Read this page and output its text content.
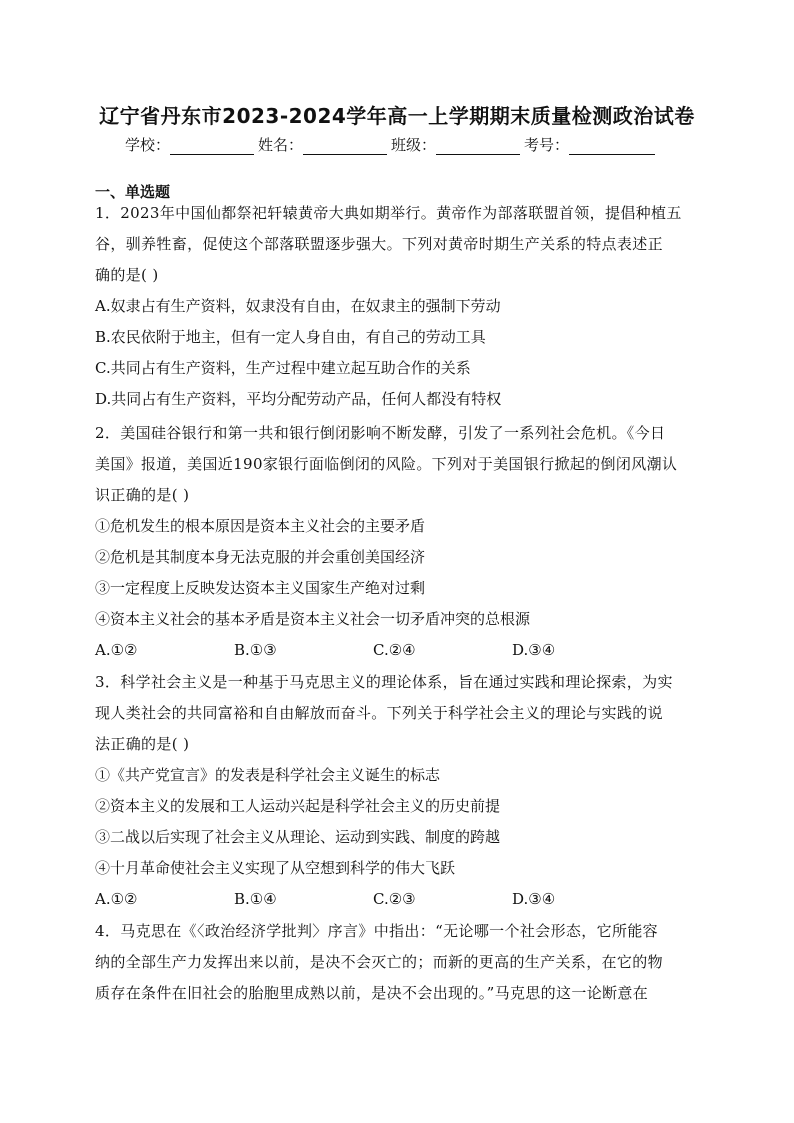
辽宁省丹东市2023-2024学年高一上学期期末质量检测政治试卷
学校：	姓名：	班级：	考号：
一、单选题
1．2023年中国仙都祭祀轩辕黄帝大典如期举行。黄帝作为部落联盟首领，提倡种植五
谷，驯养牲畜，促使这个部落联盟逐步强大。下列对黄帝时期生产关系的特点表述正
确的是( )
A.奴隶占有生产资料，奴隶没有自由，在奴隶主的强制下劳动
B.农民依附于地主，但有一定人身自由，有自己的劳动工具
C.共同占有生产资料，生产过程中建立起互助合作的关系
D.共同占有生产资料，平均分配劳动产品，任何人都没有特权
2．美国硅谷银行和第一共和银行倒闭影响不断发酵，引发了一系列社会危机。《今日
美国》报道，美国近190家银行面临倒闭的风险。下列对于美国银行掀起的倒闭风潮认
识正确的是( )
①危机发生的根本原因是资本主义社会的主要矛盾
②危机是其制度本身无法克服的并会重创美国经济
③一定程度上反映发达资本主义国家生产绝对过剩
④资本主义社会的基本矛盾是资本主义社会一切矛盾冲突的总根源
A.①②	B.①③	C.②④	D.③④
3．科学社会主义是一种基于马克思主义的理论体系，旨在通过实践和理论探索，为实
现人类社会的共同富裕和自由解放而奋斗。下列关于科学社会主义的理论与实践的说
法正确的是( )
①《共产党宣言》的发表是科学社会主义诞生的标志
②资本主义的发展和工人运动兴起是科学社会主义的历史前提
③二战以后实现了社会主义从理论、运动到实践、制度的跨越
④十月革命使社会主义实现了从空想到科学的伟大飞跃
A.①②	B.①④	C.②③	D.③④
4．马克思在《〈政治经济学批判〉序言》中指出：“无论哪一个社会形态，它所能容
纳的全部生产力发挥出来以前，是决不会灭亡的；而新的更高的生产关系，在它的物
质存在条件在旧社会的胎胞里成熟以前，是决不会出现的。”马克思的这一论断意在
